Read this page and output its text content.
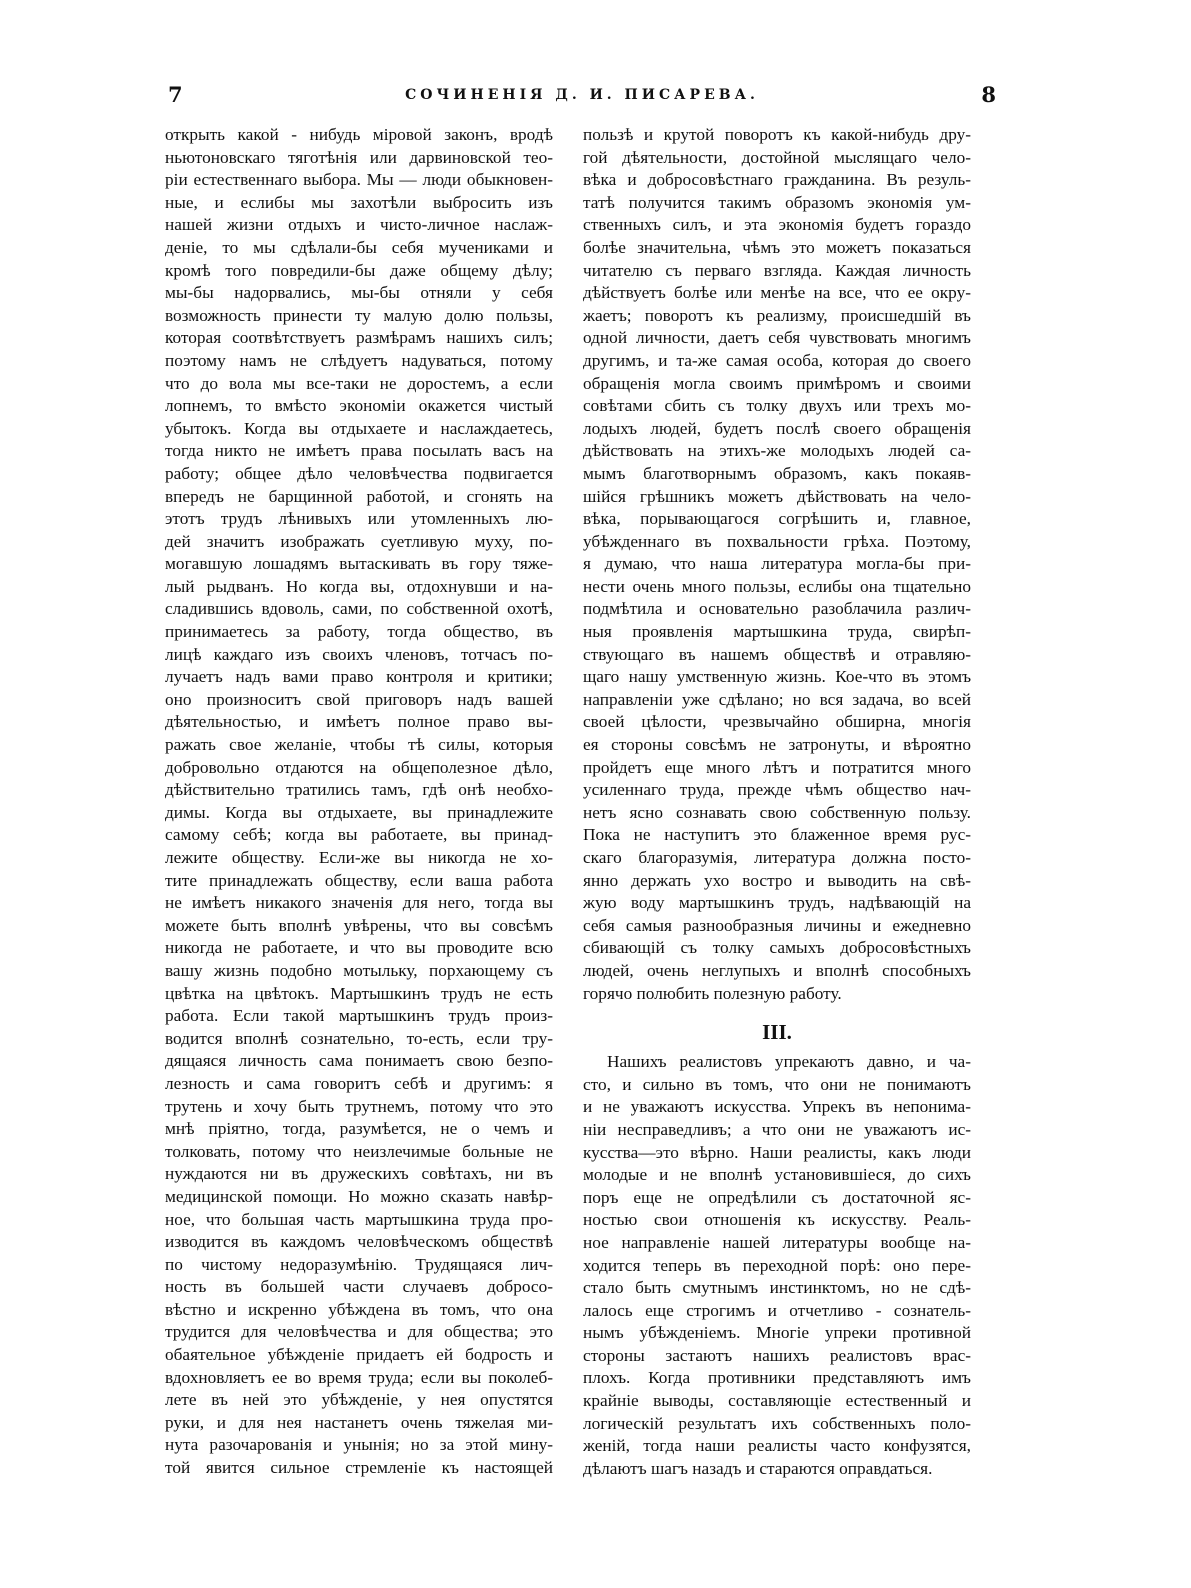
7	СОЧИНЕНІЯ Д. И. ПИСАРЕВА.	8
открыть какой - нибудь міровой законъ, вродѣ
ньютоновскаго тяготѣнія или дарвиновской тео-
ріи естественнаго выбора. Мы — люди обыкновен-
ные, и еслибы мы захотѣли выбросить изъ
нашей жизни отдыхъ и чисто-личное наслаж-
деніе, то мы сдѣлали-бы себя мучениками и
кромѣ того повредили-бы даже общему дѣлу;
мы-бы надорвались, мы-бы отняли у себя
возможность принести ту малую долю пользы,
которая соотвѣтствуетъ размѣрамъ нашихъ силъ;
поэтому намъ не слѣдуетъ надуваться, потому
что до вола мы все-таки не доростемъ, а если
лопнемъ, то вмѣсто экономіи окажется чистый
убытокъ. Когда вы отдыхаете и наслаждаетесь,
тогда никто не имѣетъ права посылать васъ на
работу; общее дѣло человѣчества подвигается
впередъ не барщинной работой, и сгонять на
этотъ трудъ лѣнивыхъ или утомленныхъ лю-
дей значитъ изображать суетливую муху, по-
могавшую лошадямъ вытаскивать въ гору тяже-
лый рыдванъ. Но когда вы, отдохнувши и на-
сладившись вдоволь, сами, по собственной охотѣ,
принимаетесь за работу, тогда общество, въ
лицѣ каждаго изъ своихъ членовъ, тотчасъ по-
лучаетъ надъ вами право контроля и критики;
оно произноситъ свой приговоръ надъ вашей
дѣятельностью, и имѣетъ полное право вы-
ражать свое желаніе, чтобы тѣ силы, которыя
добровольно отдаются на общеполезное дѣло,
дѣйствительно тратились тамъ, гдѣ онѣ необхо-
димы. Когда вы отдыхаете, вы принадлежите
самому себѣ; когда вы работаете, вы принад-
лежите обществу. Если-же вы никогда не хо-
тите принадлежать обществу, если ваша работа
не имѣетъ никакого значенія для него, тогда вы
можете быть вполнѣ увѣрены, что вы совсѣмъ
никогда не работаете, и что вы проводите всю
вашу жизнь подобно мотыльку, порхающему съ
цвѣтка на цвѣтокъ. Мартышкинъ трудъ не есть
работа. Если такой мартышкинъ трудъ произ-
водится вполнѣ сознательно, то-есть, если тру-
дящаяся личность сама понимаетъ свою безпо-
лезность и сама говоритъ себѣ и другимъ: я
трутень и хочу быть трутнемъ, потому что это
мнѣ пріятно, тогда, разумѣется, не о чемъ и
толковать, потому что неизлечимые больные не
нуждаются ни въ дружескихъ совѣтахъ, ни въ
медицинской помощи. Но можно сказать навѣр-
ное, что большая часть мартышкина труда про-
изводится въ каждомъ человѣческомъ обществѣ
по чистому недоразумѣнію. Трудящаяся лич-
ность въ большей части случаевъ добросо-
вѣстно и искренно убѣждена въ томъ, что она
трудится для человѣчества и для общества; это
обаятельное убѣжденіе придаетъ ей бодрость и
вдохновляетъ ее во время труда; если вы поколеб-
лете въ ней это убѣжденіе, у нея опустятся
руки, и для нея настанетъ очень тяжелая ми-
нута разочарованія и унынія; но за этой мину-
той явится сильное стремленіе къ настоящей
пользѣ и крутой поворотъ къ какой-нибудь дру-
гой дѣятельности, достойной мыслящаго чело-
вѣка и добросовѣстнаго гражданина. Въ резуль-
татѣ получится такимъ образомъ экономія ум-
ственныхъ силъ, и эта экономія будетъ гораздо
болѣе значительна, чѣмъ это можетъ показаться
читателю съ перваго взгляда. Каждая личность
дѣйствуетъ болѣе или менѣе на все, что ее окру-
жаетъ; поворотъ къ реализму, происшедшій въ
одной личности, даетъ себя чувствовать многимъ
другимъ, и та-же самая особа, которая до своего
обращенія могла своимъ примѣромъ и своими
совѣтами сбить съ толку двухъ или трехъ мо-
лодыхъ людей, будетъ послѣ своего обращенія
дѣйствовать на этихъ-же молодыхъ людей са-
мымъ благотворнымъ образомъ, какъ покаяв-
шійся грѣшникъ можетъ дѣйствовать на чело-
вѣка, порывающагося согрѣшить и, главное,
убѣжденнаго въ похвальности грѣха. Поэтому,
я думаю, что наша литература могла-бы при-
нести очень много пользы, еслибы она тщательно
подмѣтила и основательно разоблачила различ-
ныя проявленія мартышкина труда, свирѣп-
ствующаго въ нашемъ обществѣ и отравляю-
щаго нашу умственную жизнь. Кое-что въ этомъ
направленіи уже сдѣлано; но вся задача, во всей
своей цѣлости, чрезвычайно обширна, многія
ея стороны совсѣмъ не затронуты, и вѣроятно
пройдетъ еще много лѣтъ и потратится много
усиленнаго труда, прежде чѣмъ общество нач-
нетъ ясно сознавать свою собственную пользу.
Пока не наступитъ это блаженное время рус-
скаго благоразумія, литература должна посто-
янно держать ухо востро и выводить на свѣ-
жую воду мартышкинъ трудъ, надѣвающій на
себя самыя разнообразныя личины и ежедневно
сбивающій съ толку самыхъ добросовѣстныхъ
людей, очень неглупыхъ и вполнѣ способныхъ
горячо полюбить полезную работу.
III.
Нашихъ реалистовъ упрекаютъ давно, и ча-
сто, и сильно въ томъ, что они не понимаютъ
и не уважаютъ искусства. Упрекъ въ непонима-
ніи несправедливъ; а что они не уважаютъ ис-
кусства—это вѣрно. Наши реалисты, какъ люди
молодые и не вполнѣ установившіеся, до сихъ
поръ еще не опредѣлили съ достаточной яс-
ностью свои отношенія къ искусству. Реаль-
ное направленіе нашей литературы вообще на-
ходится теперь въ переходной порѣ: оно пере-
стало быть смутнымъ инстинктомъ, но не сдѣ-
лалось еще строгимъ и отчетливо - сознатель-
нымъ убѣжденіемъ. Многіе упреки противной
стороны застаютъ нашихъ реалистовъ врас-
плохъ. Когда противники представляютъ имъ
крайніе выводы, составляющіе естественный и
логическій результатъ ихъ собственныхъ поло-
женій, тогда наши реалисты часто конфузятся,
дѣлаютъ шагъ назадъ и стараются оправдаться.
